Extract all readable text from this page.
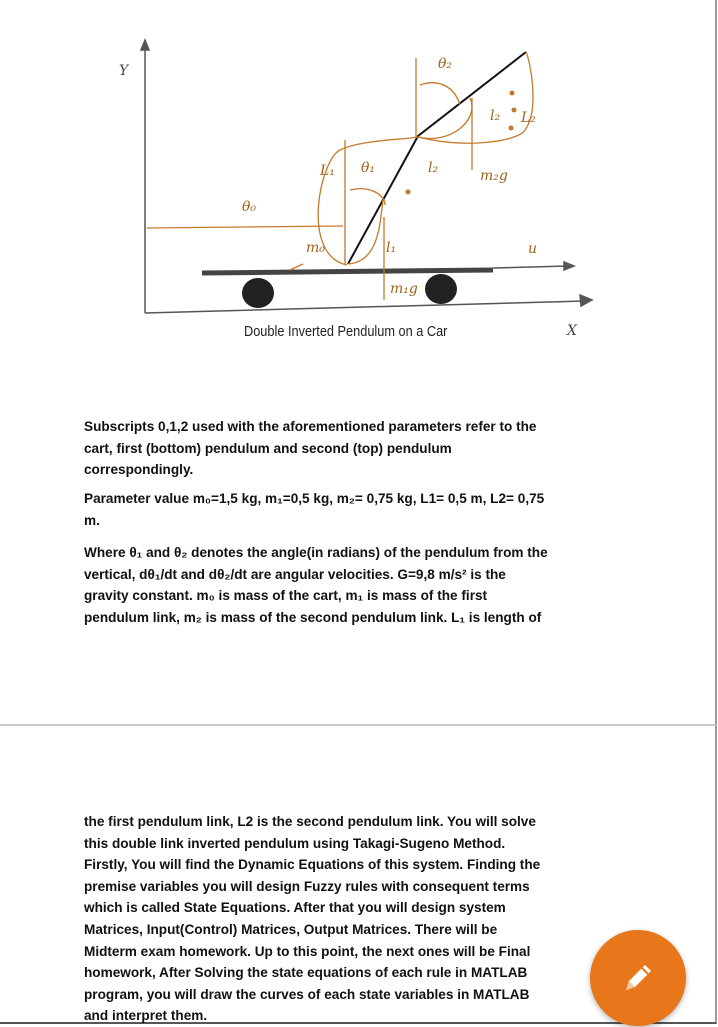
Y
X
θ₀
θ₁
θ₂
L₁
l₁
l₂
l₂ L₂
m₀
m₁g
m₂g
u
Double Inverted Pendulum on a Car
Subscripts 0,1,2 used with the aforementioned parameters refer to the
cart, first (bottom) pendulum and second (top) pendulum
correspondingly.
Parameter value m₀=1,5 kg, m₁=0,5 kg, m₂= 0,75 kg, L1= 0,5 m, L2= 0,75
m.
Where θ₁ and θ₂ denotes the angle(in radians) of the pendulum from the
vertical, dθ₁/dt and dθ₂/dt are angular velocities. G=9,8 m/s² is the
gravity constant. m₀ is mass of the cart, m₁ is mass of the first
pendulum link, m₂ is mass of the second pendulum link. L₁ is length of
the first pendulum link, L2 is the second pendulum link. You will solve
this double link inverted pendulum using Takagi-Sugeno Method.
Firstly, You will find the Dynamic Equations of this system. Finding the
premise variables you will design Fuzzy rules with consequent terms
which is called State Equations. After that you will design system
Matrices, Input(Control) Matrices, Output Matrices. There will be
Midterm exam homework. Up to this point, the next ones will be Final
homework, After Solving the state equations of each rule in MATLAB
program, you will draw the curves of each state variables in MATLAB
and interpret them.
